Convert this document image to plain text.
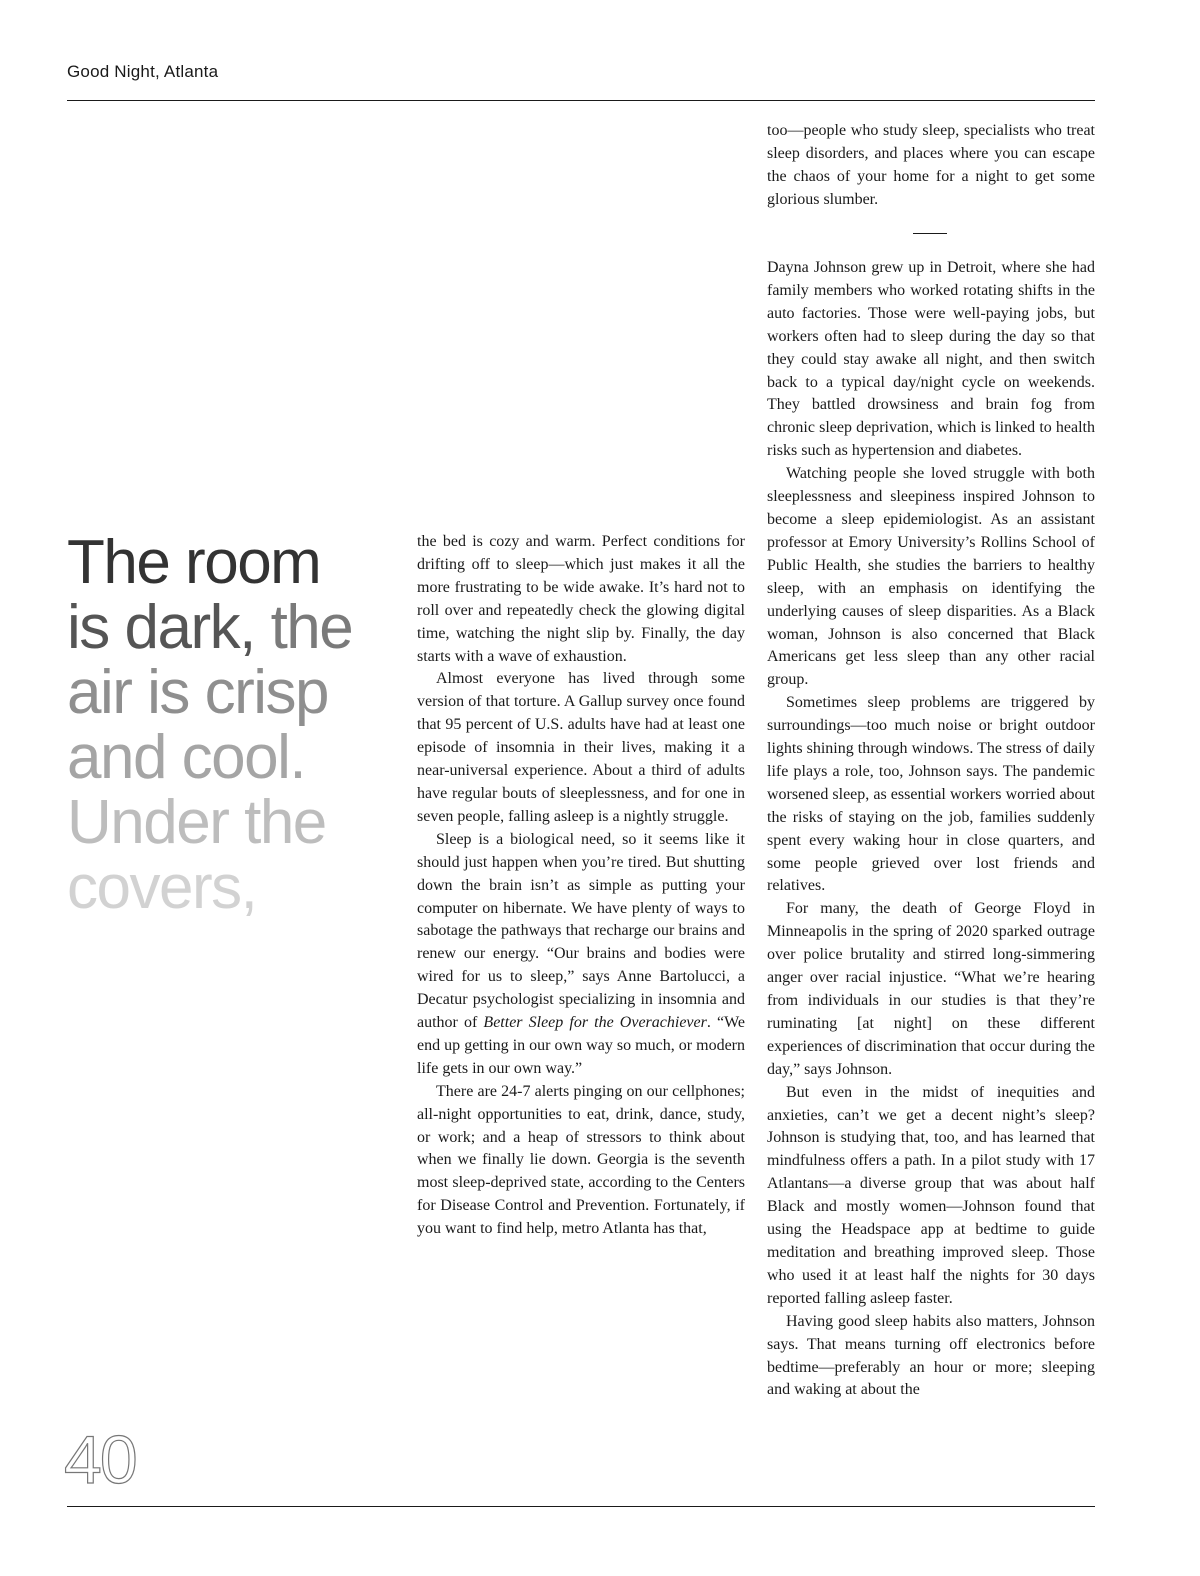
Good Night, Atlanta
The room
is dark, the
air is crisp
and cool.
Under the
covers,

the bed is cozy and warm. Perfect conditions for drifting off to sleep—which just makes it all the more frustrating to be wide awake. It’s hard not to roll over and repeatedly check the glowing digital time, watching the night slip by. Finally, the day starts with a wave of exhaustion.

Almost everyone has lived through some version of that torture. A Gallup survey once found that 95 percent of U.S. adults have had at least one episode of insomnia in their lives, making it a near-universal experience. About a third of adults have regular bouts of sleeplessness, and for one in seven people, falling asleep is a nightly struggle.

Sleep is a biological need, so it seems like it should just happen when you’re tired. But shutting down the brain isn’t as simple as putting your computer on hibernate. We have plenty of ways to sabotage the pathways that recharge our brains and renew our energy. “Our brains and bodies were wired for us to sleep,” says Anne Bartolucci, a Decatur psychologist specializing in insomnia and author of Better Sleep for the Overachiever. “We end up getting in our own way so much, or modern life gets in our own way.”

There are 24-7 alerts pinging on our cellphones; all-night opportunities to eat, drink, dance, study, or work; and a heap of stressors to think about when we finally lie down. Georgia is the seventh most sleep-deprived state, according to the Centers for Disease Control and Prevention. Fortunately, if you want to find help, metro Atlanta has that,

too—people who study sleep, specialists who treat sleep disorders, and places where you can escape the chaos of your home for a night to get some glorious slumber.

Dayna Johnson grew up in Detroit, where she had family members who worked rotating shifts in the auto factories. Those were well-paying jobs, but workers often had to sleep during the day so that they could stay awake all night, and then switch back to a typical day/night cycle on weekends. They battled drowsiness and brain fog from chronic sleep deprivation, which is linked to health risks such as hypertension and diabetes.

Watching people she loved struggle with both sleeplessness and sleepiness inspired Johnson to become a sleep epidemiologist. As an assistant professor at Emory University’s Rollins School of Public Health, she studies the barriers to healthy sleep, with an emphasis on identifying the underlying causes of sleep disparities. As a Black woman, Johnson is also concerned that Black Americans get less sleep than any other racial group.

Sometimes sleep problems are triggered by surroundings—too much noise or bright outdoor lights shining through windows. The stress of daily life plays a role, too, Johnson says. The pandemic worsened sleep, as essential workers worried about the risks of staying on the job, families suddenly spent every waking hour in close quarters, and some people grieved over lost friends and relatives.

For many, the death of George Floyd in Minneapolis in the spring of 2020 sparked outrage over police brutality and stirred long-simmering anger over racial injustice. “What we’re hearing from individuals in our studies is that they’re ruminating [at night] on these different experiences of discrimination that occur during the day,” says Johnson.

But even in the midst of inequities and anxieties, can’t we get a decent night’s sleep? Johnson is studying that, too, and has learned that mindfulness offers a path. In a pilot study with 17 Atlantans—a diverse group that was about half Black and mostly women—Johnson found that using the Headspace app at bedtime to guide meditation and breathing improved sleep. Those who used it at least half the nights for 30 days reported falling asleep faster.

Having good sleep habits also matters, Johnson says. That means turning off electronics before bedtime—preferably an hour or more; sleeping and waking at about the

40
